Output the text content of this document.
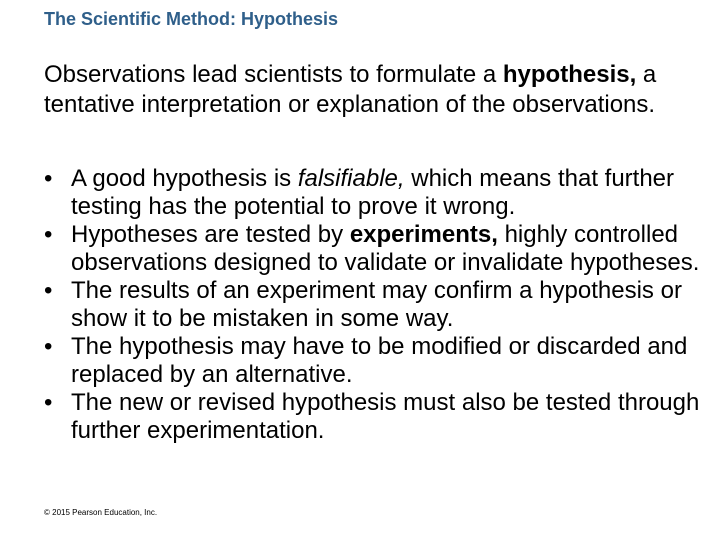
The Scientific Method: Hypothesis
Observations lead scientists to formulate a hypothesis, a tentative interpretation or explanation of the observations.
• A good hypothesis is falsifiable, which means that further testing has the potential to prove it wrong.
• Hypotheses are tested by experiments, highly controlled observations designed to validate or invalidate hypotheses.
• The results of an experiment may confirm a hypothesis or show it to be mistaken in some way.
• The hypothesis may have to be modified or discarded and replaced by an alternative.
• The new or revised hypothesis must also be tested through further experimentation.
© 2015 Pearson Education, Inc.
